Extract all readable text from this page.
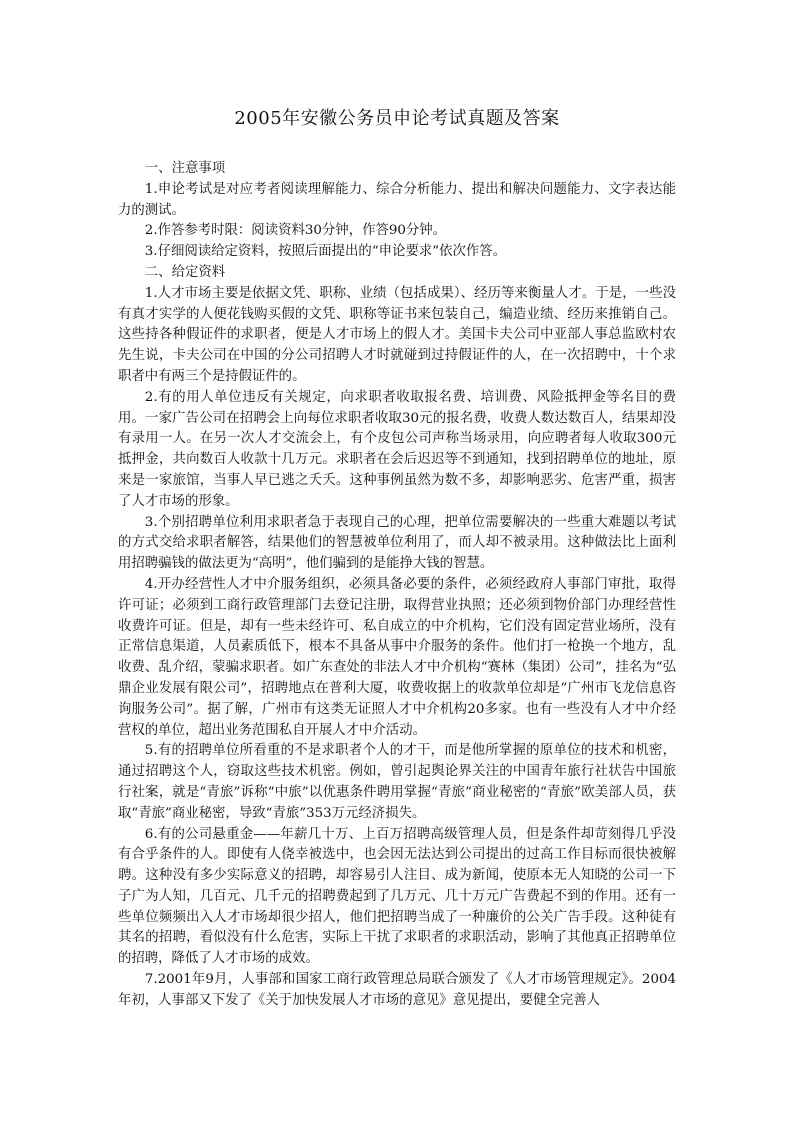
2005年安徽公务员申论考试真题及答案

一、注意事项

1.申论考试是对应考者阅读理解能力、综合分析能力、提出和解决问题能力、文字表达能力的测试。

2.作答参考时限：阅读资料30分钟，作答90分钟。

3.仔细阅读给定资料，按照后面提出的“申论要求”依次作答。

二、给定资料

1.人才市场主要是依据文凭、职称、业绩（包括成果）、经历等来衡量人才。于是，一些没有真才实学的人便花钱购买假的文凭、职称等证书来包装自己，编造业绩、经历来推销自己。这些持各种假证件的求职者，便是人才市场上的假人才。美国卡夫公司中亚部人事总监欧村农先生说，卡夫公司在中国的分公司招聘人才时就碰到过持假证件的人，在一次招聘中，十个求职者中有两三个是持假证件的。

2.有的用人单位违反有关规定，向求职者收取报名费、培训费、风险抵押金等名目的费用。一家广告公司在招聘会上向每位求职者收取30元的报名费，收费人数达数百人，结果却没有录用一人。在另一次人才交流会上，有个皮包公司声称当场录用，向应聘者每人收取300元抵押金，共向数百人收款十几万元。求职者在会后迟迟等不到通知，找到招聘单位的地址，原来是一家旅馆，当事人早已逃之夭夭。这种事例虽然为数不多，却影响恶劣、危害严重，损害了人才市场的形象。

3.个别招聘单位利用求职者急于表现自己的心理，把单位需要解决的一些重大难题以考试的方式交给求职者解答，结果他们的智慧被单位利用了，而人却不被录用。这种做法比上面利用招聘骗钱的做法更为“高明”，他们骗到的是能挣大钱的智慧。

4.开办经营性人才中介服务组织，必须具备必要的条件，必须经政府人事部门审批，取得许可证；必须到工商行政管理部门去登记注册，取得营业执照；还必须到物价部门办理经营性收费许可证。但是，却有一些未经许可、私自成立的中介机构，它们没有固定营业场所，没有正常信息渠道，人员素质低下，根本不具备从事中介服务的条件。他们打一枪换一个地方，乱收费、乱介绍，蒙骗求职者。如广东查处的非法人才中介机构“赛林（集团）公司”，挂名为“弘鼎企业发展有限公司”，招聘地点在普利大厦，收费收据上的收款单位却是“广州市飞龙信息咨询服务公司”。据了解，广州市有这类无证照人才中介机构20多家。也有一些没有人才中介经营权的单位，超出业务范围私自开展人才中介活动。

5.有的招聘单位所看重的不是求职者个人的才干，而是他所掌握的原单位的技术和机密，通过招聘这个人，窃取这些技术机密。例如，曾引起舆论界关注的中国青年旅行社状告中国旅行社案，就是“青旅”诉称“中旅”以优惠条件聘用掌握“青旅”商业秘密的“青旅”欧美部人员，获取“青旅”商业秘密，导致“青旅”353万元经济损失。

6.有的公司悬重金——年薪几十万、上百万招聘高级管理人员，但是条件却苛刻得几乎没有合乎条件的人。即使有人侥幸被选中，也会因无法达到公司提出的过高工作目标而很快被解聘。这种没有多少实际意义的招聘，却容易引人注目、成为新闻，使原本无人知晓的公司一下子广为人知，几百元、几千元的招聘费起到了几万元、几十万元广告费起不到的作用。还有一些单位频频出入人才市场却很少招人，他们把招聘当成了一种廉价的公关广告手段。这种徒有其名的招聘，看似没有什么危害，实际上干扰了求职者的求职活动，影响了其他真正招聘单位的招聘，降低了人才市场的成效。

7.2001年9月，人事部和国家工商行政管理总局联合颁发了《人才市场管理规定》。2004年初，人事部又下发了《关于加快发展人才市场的意见》意见提出，要健全完善人
